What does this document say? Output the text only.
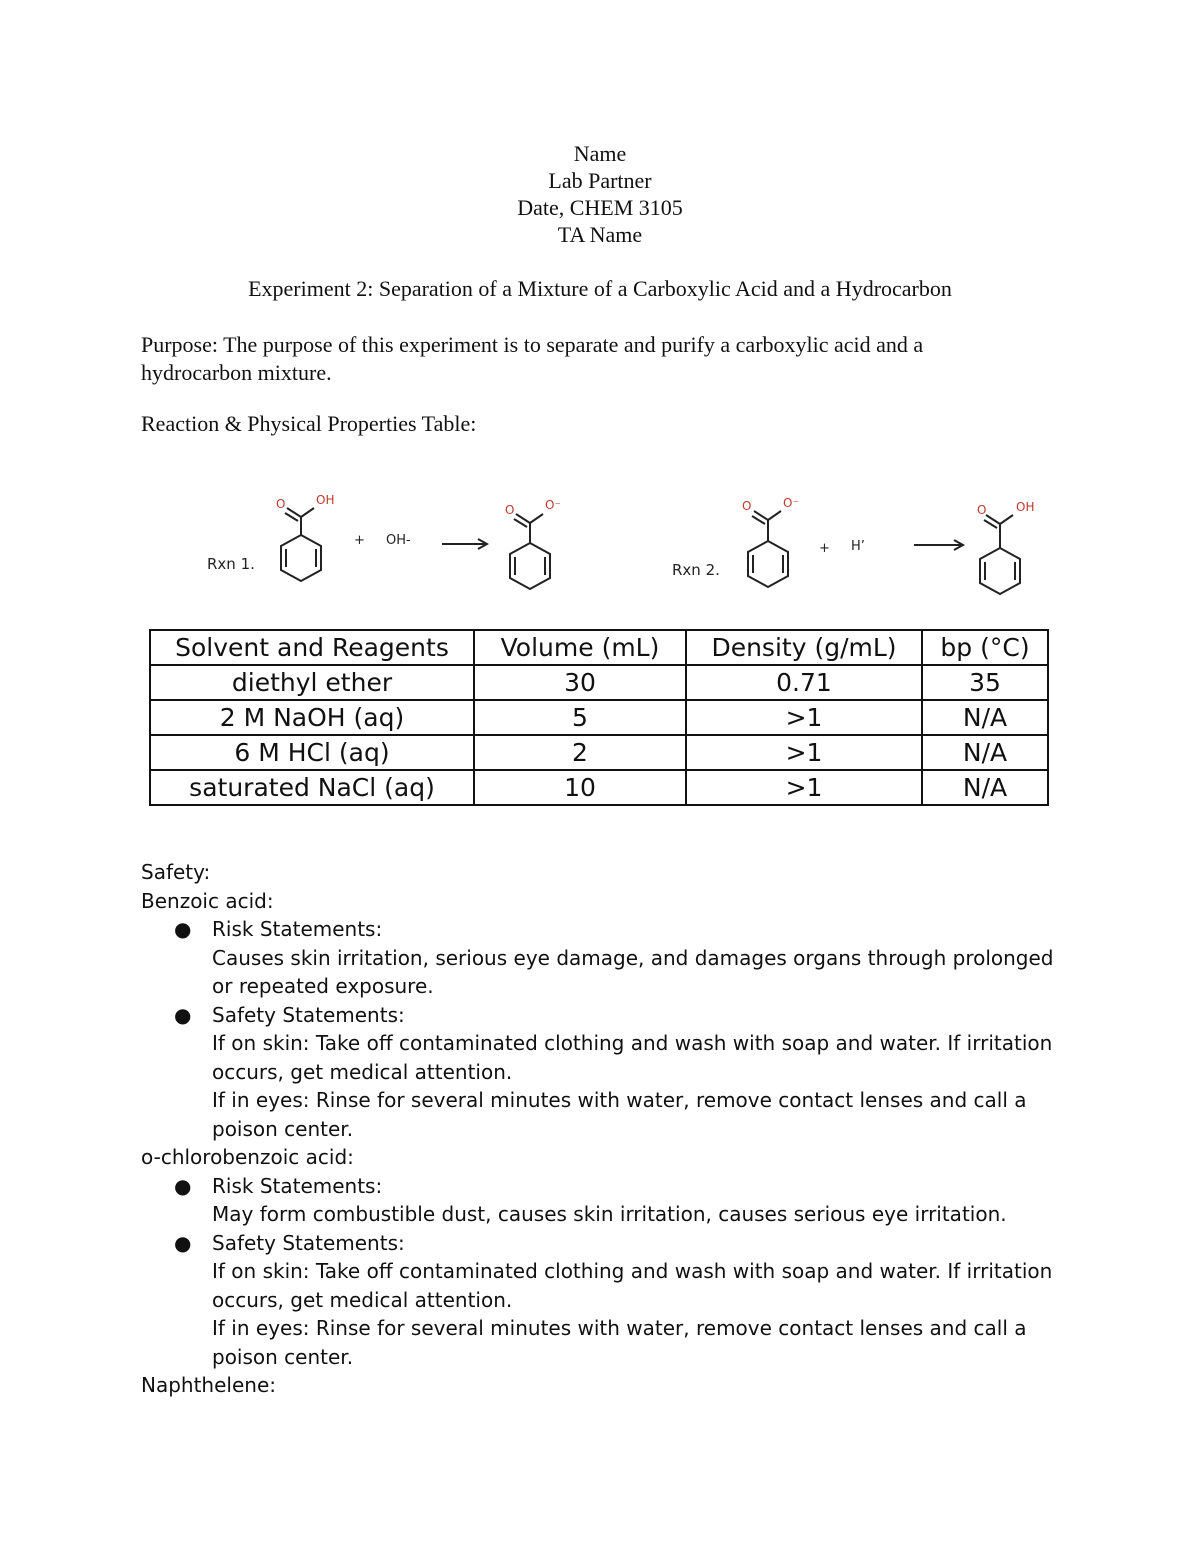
Name
Lab Partner
Date, CHEM 3105
TA Name
Experiment 2: Separation of a Mixture of a Carboxylic Acid and a Hydrocarbon
Purpose: The purpose of this experiment is to separate and purify a carboxylic acid and a hydrocarbon mixture.
Reaction & Physical Properties Table:
Rxn 1.
O	OH
+ OH-
O	O⁻
Rxn 2.
O	O⁻
+ H’
O OH
Solvent and Reagents	Volume (mL)	Density (g/mL)	bp (°C)
diethyl ether	30	0.71	35
2 M NaOH (aq)	5	>1	N/A
6 M HCl (aq)	2	>1	N/A
saturated NaCl (aq)	10	>1	N/A
Safety:
Benzoic acid:
● Risk Statements:
Causes skin irritation, serious eye damage, and damages organs through prolonged or repeated exposure.
● Safety Statements:
If on skin: Take off contaminated clothing and wash with soap and water. If irritation occurs, get medical attention.
If in eyes: Rinse for several minutes with water, remove contact lenses and call a poison center.
o-chlorobenzoic acid:
● Risk Statements:
May form combustible dust, causes skin irritation, causes serious eye irritation.
● Safety Statements:
If on skin: Take off contaminated clothing and wash with soap and water. If irritation occurs, get medical attention.
If in eyes: Rinse for several minutes with water, remove contact lenses and call a poison center.
Naphthelene:
